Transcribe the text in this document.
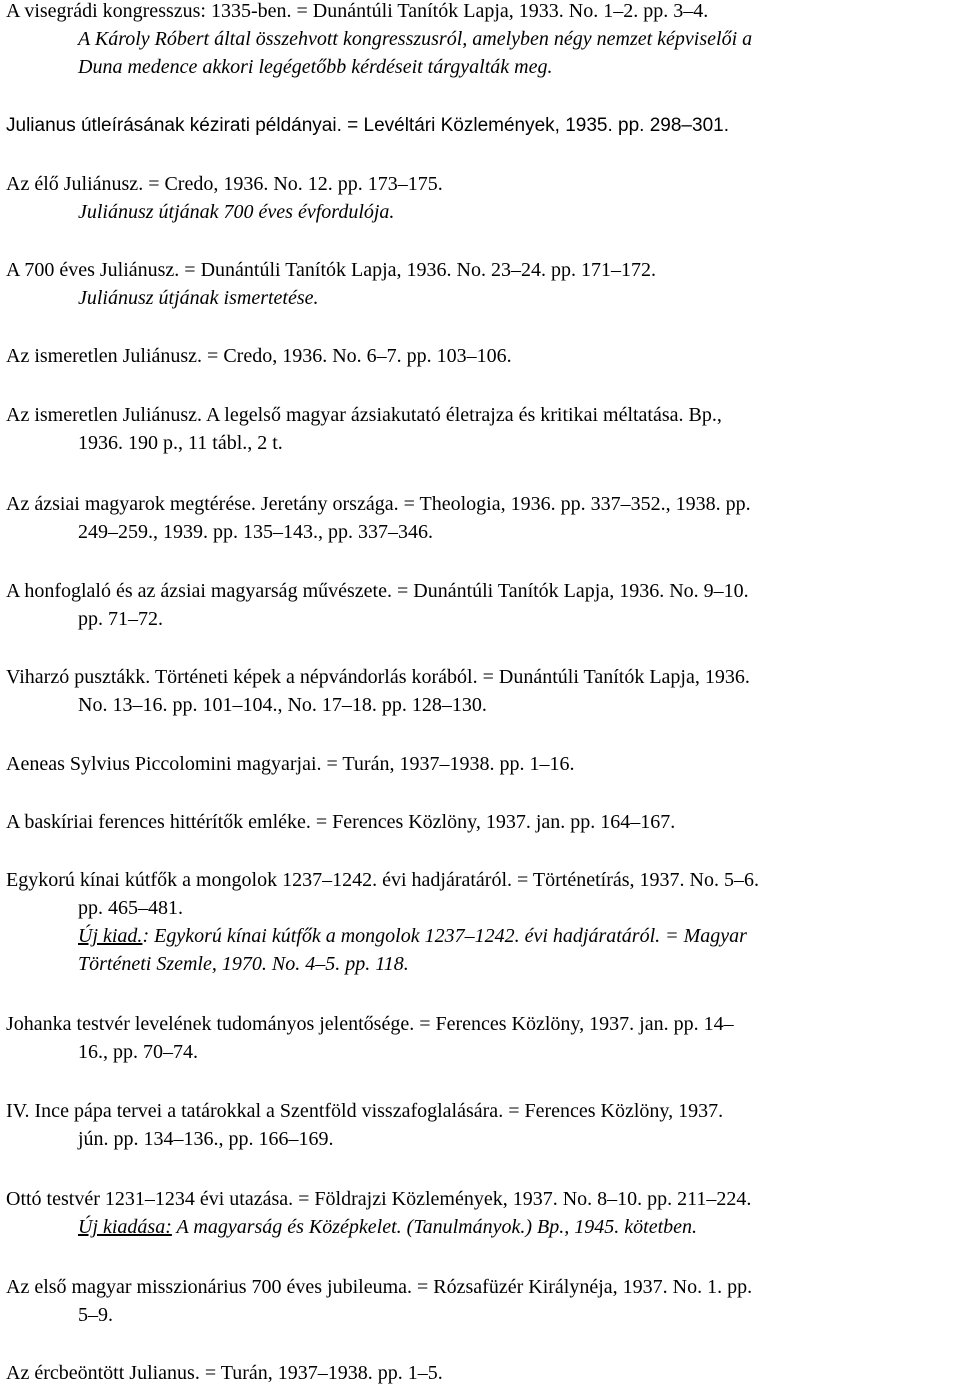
A visegrádi kongresszus: 1335-ben. = Dunántúli Tanítók Lapja, 1933. No. 1–2. pp. 3–4.
A Károly Róbert által összehvott kongresszusról, amelyben négy nemzet képviselői a
Duna medence akkori legégetőbb kérdéseit tárgyalták meg.
Julianus útleírásának kézirati példányai. = Levéltári Közlemények, 1935. pp. 298–301.
Az élő Juliánusz. = Credo, 1936. No. 12. pp. 173–175.
Juliánusz útjának 700 éves évfordulója.
A 700 éves Juliánusz. = Dunántúli Tanítók Lapja, 1936. No. 23–24. pp. 171–172.
Juliánusz útjának ismertetése.
Az ismeretlen Juliánusz. = Credo, 1936. No. 6–7. pp. 103–106.
Az ismeretlen Juliánusz. A legelső magyar ázsiakutató életrajza és kritikai méltatása. Bp.,
1936. 190 p., 11 tábl., 2 t.
Az ázsiai magyarok megtérése. Jeretány országa. = Theologia, 1936. pp. 337–352., 1938. pp.
249–259., 1939. pp. 135–143., pp. 337–346.
A honfoglaló és az ázsiai magyarság művészete. = Dunántúli Tanítók Lapja, 1936. No. 9–10.
pp. 71–72.
Viharzó pusztákk. Történeti képek a népvándorlás korából. = Dunántúli Tanítók Lapja, 1936.
No. 13–16. pp. 101–104., No. 17–18. pp. 128–130.
Aeneas Sylvius Piccolomini magyarjai. = Turán, 1937–1938. pp. 1–16.
A baskíriai ferences hittérítők emléke. = Ferences Közlöny, 1937. jan. pp. 164–167.
Egykorú kínai kútfők a mongolok 1237–1242. évi hadjáratáról. = Történetírás, 1937. No. 5–6.
pp. 465–481.
Új kiad.: Egykorú kínai kútfők a mongolok 1237–1242. évi hadjáratáról. = Magyar
Történeti Szemle, 1970. No. 4–5. pp. 118.
Johanka testvér levelének tudományos jelentősége. = Ferences Közlöny, 1937. jan. pp. 14–
16., pp. 70–74.
IV. Ince pápa tervei a tatárokkal a Szentföld visszafoglalására. = Ferences Közlöny, 1937.
jún. pp. 134–136., pp. 166–169.
Ottó testvér 1231–1234 évi utazása. = Földrajzi Közlemények, 1937. No. 8–10. pp. 211–224.
Új kiadása: A magyarság és Középkelet. (Tanulmányok.) Bp., 1945. kötetben.
Az első magyar misszionárius 700 éves jubileuma. = Rózsafüzér Királynéja, 1937. No. 1. pp.
5–9.
Az ércbeöntött Julianus. = Turán, 1937–1938. pp. 1–5.
